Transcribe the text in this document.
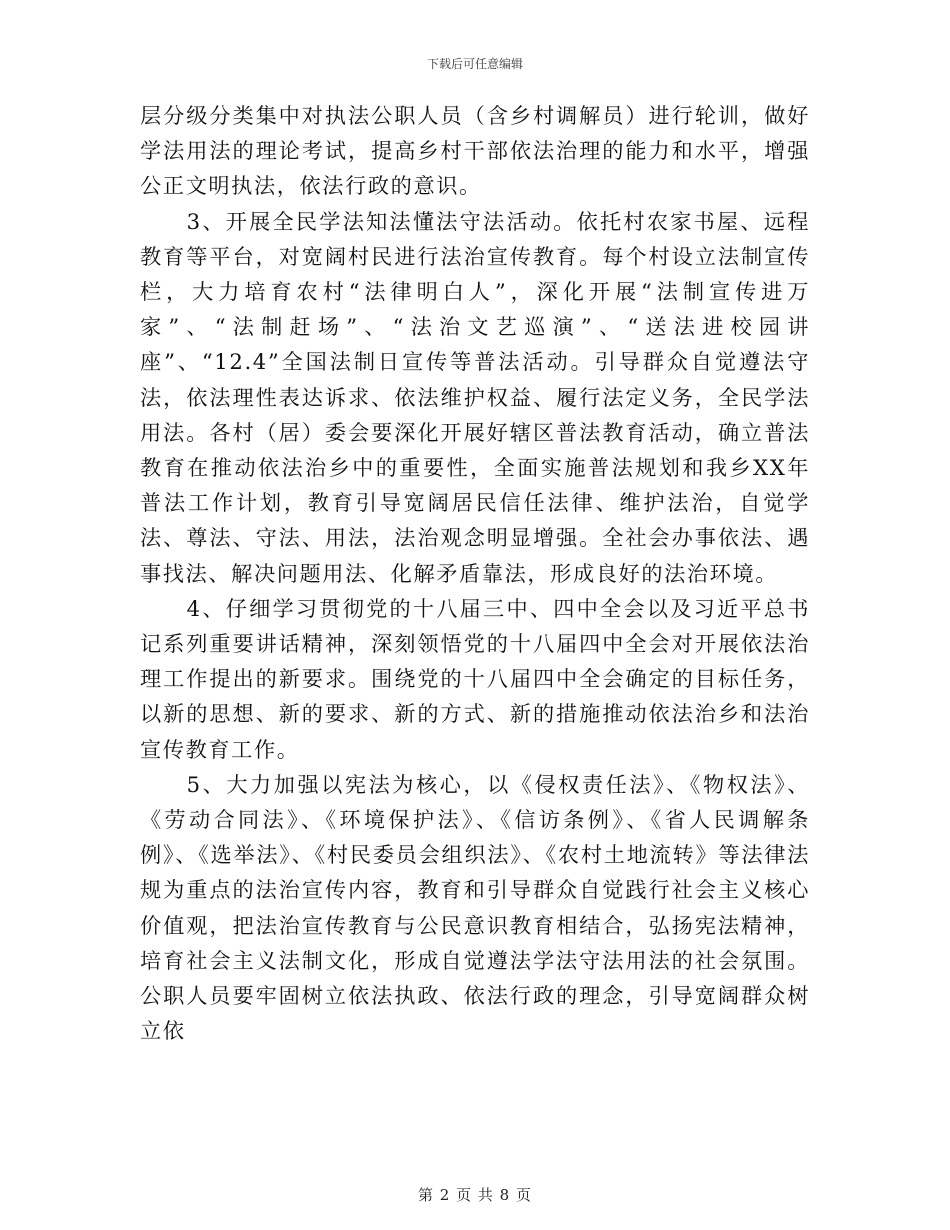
下载后可任意编辑

层分级分类集中对执法公职人员（含乡村调解员）进行轮训，做好学法用法的理论考试，提高乡村干部依法治理的能力和水平，增强公正文明执法，依法行政的意识。

3、开展全民学法知法懂法守法活动。依托村农家书屋、远程教育等平台，对宽阔村民进行法治宣传教育。每个村设立法制宣传栏，大力培育农村“法律明白人”，深化开展“法制宣传进万家”、“法制赶场”、“法治文艺巡演”、“送法进校园讲座”、“12.4”全国法制日宣传等普法活动。引导群众自觉遵法守法，依法理性表达诉求、依法维护权益、履行法定义务，全民学法用法。各村（居）委会要深化开展好辖区普法教育活动，确立普法教育在推动依法治乡中的重要性，全面实施普法规划和我乡XX年普法工作计划，教育引导宽阔居民信任法律、维护法治，自觉学法、尊法、守法、用法，法治观念明显增强。全社会办事依法、遇事找法、解决问题用法、化解矛盾靠法，形成良好的法治环境。

4、仔细学习贯彻党的十八届三中、四中全会以及习近平总书记系列重要讲话精神，深刻领悟党的十八届四中全会对开展依法治理工作提出的新要求。围绕党的十八届四中全会确定的目标任务，以新的思想、新的要求、新的方式、新的措施推动依法治乡和法治宣传教育工作。

5、大力加强以宪法为核心，以《侵权责任法》、《物权法》、《劳动合同法》、《环境保护法》、《信访条例》、《省人民调解条例》、《选举法》、《村民委员会组织法》、《农村土地流转》等法律法规为重点的法治宣传内容，教育和引导群众自觉践行社会主义核心价值观，把法治宣传教育与公民意识教育相结合，弘扬宪法精神，培育社会主义法制文化，形成自觉遵法学法守法用法的社会氛围。公职人员要牢固树立依法执政、依法行政的理念，引导宽阔群众树立依

第 2 页 共 8 页
